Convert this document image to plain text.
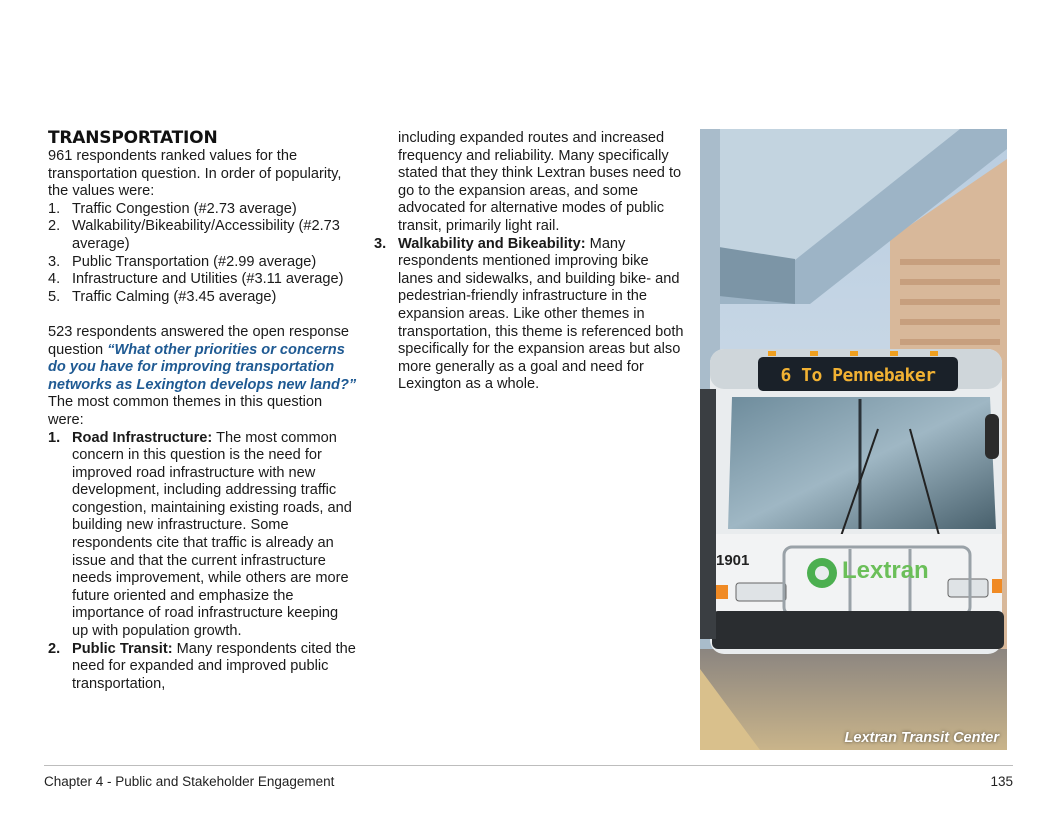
TRANSPORTATION

961 respondents ranked values for the transportation question. In order of popularity, the values were:

1. Traffic Congestion (#2.73 average)
2. Walkability/Bikeability/Accessibility (#2.73 average)
3. Public Transportation (#2.99 average)
4. Infrastructure and Utilities (#3.11 average)
5. Traffic Calming (#3.45 average)

523 respondents answered the open response question “What other priorities or concerns do you have for improving transportation networks as Lexington develops new land?” The most common themes in this question were:

1. Road Infrastructure: The most common concern in this question is the need for improved road infrastructure with new development, including addressing traffic congestion, maintaining existing roads, and building new infrastructure. Some respondents cite that traffic is already an issue and that the current infrastructure needs improvement, while others are more future oriented and emphasize the importance of road infrastructure keeping up with population growth.
2. Public Transit: Many respondents cited the need for expanded and improved public transportation,

including expanded routes and increased frequency and reliability. Many specifically stated that they think Lextran buses need to go to the expansion areas, and some advocated for alternative modes of public transit, primarily light rail.

3. Walkability and Bikeability: Many respondents mentioned improving bike lanes and sidewalks, and building bike- and pedestrian-friendly infrastructure in the expansion areas. Like other themes in transportation, this theme is referenced both specifically for the expansion areas but also more generally as a goal and need for Lexington as a whole.	6 To Pennebaker
1901	Lextran
Lextran Transit Center
Chapter 4 - Public and Stakeholder Engagement	135
